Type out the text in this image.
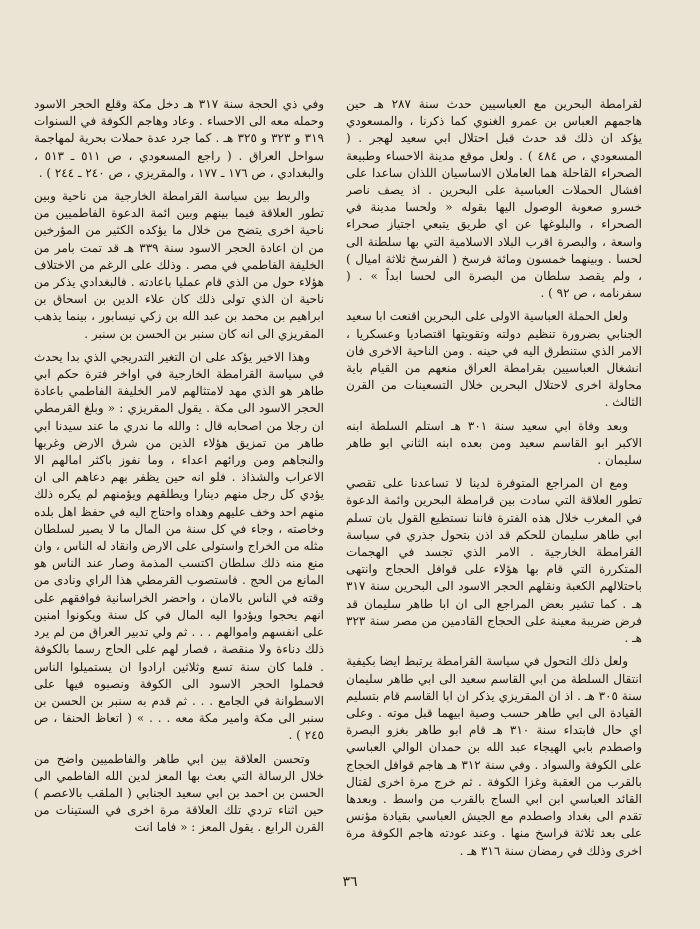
لقرامطة البحرين مع العباسيين حدث سنة ٢٨٧ هـ حين هاجمهم العباس بن عمرو الغنوي كما ذكرنا ، والمسعودي يؤكد ان ذلك قد حدث قبل احتلال ابي سعيد لهجر . ( المسعودي ، ص ٤٨٤ ) . ولعل موقع مدينة الاحساء وطبيعة الصحراء القاحلة هما العاملان الاساسيان اللذان ساعدا على افشال الحملات العباسية على البحرين . اذ يصف ناصر خسرو صعوبة الوصول اليها بقوله « ولحسا مدينة في الصحراء ، والبلوغها عن اي طريق يتبعي اجتياز صحراء واسعة ، والبصرة اقرب البلاد الاسلامية التي بها سلطنة الى لحسا . وبينهما خمسون ومائة فرسخ ( الفرسخ ثلاثة اميال ) ، ولم يقصد سلطان من البصرة الى لحسا ابداً » . ( سفرنامه ، ص ٩٢ ) .

ولعل الحملة العباسية الاولى على البحرين اقنعت ابا سعيد الجنابي بضرورة تنظيم دولته وتقويتها اقتصاديا وعسكريا ، الامر الذي ستنطرق اليه في حينه . ومن الناحية الاخرى فان انشغال العباسيين بقرامطة العراق منعهم من القيام باية محاولة اخرى لاحتلال البحرين خلال التسعينات من القرن الثالث .

وبعد وفاة ابي سعيد سنة ٣٠١ هـ استلم السلطة ابنه الاكبر ابو القاسم سعيد ومن بعده ابنه الثاني ابو طاهر سليمان .

ومع ان المراجع المتوفرة لدينا لا تساعدنا على تقصي تطور العلاقة التي سادت بين قرامطة البحرين وائمة الدعوة في المغرب خلال هذه الفترة فاننا نستطيع القول بان تسلم ابي طاهر سليمان للحكم قد اذن بتحول جذري في سياسة القرامطة الخارجية . الامر الذي تجسد في الهجمات المتكررة التي قام بها هؤلاء على قوافل الحجاج وانتهى باحتلالهم الكعبة ونقلهم الحجر الاسود الى البحرين سنة ٣١٧ هـ . كما تشير بعض المراجع الى ان ابا طاهر سليمان قد فرض ضريبة معينة على الحجاج القادمين من مصر سنة ٣٢٣ هـ .

ولعل ذلك التحول في سياسة القرامطة يرتبط ايضا بكيفية انتقال السلطة من ابي القاسم سعيد الى ابي طاهر سليمان سنة ٣٠٥ هـ . اذ ان المقريزي يذكر ان ابا القاسم قام بتسليم القيادة الى ابي طاهر حسب وصية ابيهما قبل موته . وعلى اي حال فابتداء سنة ٣١٠ هـ قام ابو طاهر بغزو البصرة واصطدم بابي الهيجاء عبد الله بن حمدان الوالي العباسي على الكوفة والسواد . وفي سنة ٣١٢ هـ هاجم قوافل الحجاج بالقرب من العقبة وغزا الكوفة . ثم خرج مرة اخرى لقتال القائد العباسي ابن ابي الساج بالقرب من واسط . وبعدها تقدم الى بغداد واصطدم مع الجيش العباسي بقيادة مؤنس على بعد ثلاثة فراسخ منها . وعند عودته هاجم الكوفة مرة اخرى وذلك في رمضان سنة ٣١٦ هـ .

وفي ذي الحجة سنة ٣١٧ هـ دخل مكة وقلع الحجر الاسود وحمله معه الى الاحساء . وعاد وهاجم الكوفة في السنوات ٣١٩ و ٣٢٣ و ٣٢٥ هـ . كما جرد عدة حملات بحرية لمهاجمة سواحل العراق . ( راجع المسعودي ، ص ٥١١ ـ ٥١٣ ، والبغدادي ، ص ١٧٦ ـ ١٧٧ ، والمقريزي ، ص ٢٤٠ ـ ٢٤٤ ) .

والربط بين سياسة القرامطة الخارجية من ناحية وبين تطور العلاقة فيما بينهم وبين ائمة الدعوة الفاطميين من ناحية اخرى يتضح من خلال ما يؤكده الكثير من المؤرخين من ان اعادة الحجر الاسود سنة ٣٣٩ هـ قد تمت بامر من الخليفة الفاطمي في مصر . وذلك على الرغم من الاختلاف هؤلاء حول من الذي قام عمليا باعادته . فالبغدادي يذكر من ناحية ان الذي تولى ذلك كان علاء الدين بن اسحاق بن ابراهيم بن محمد بن عبد الله بن زكي نيسابور ، بينما يذهب المقريزي الى انه كان سنبر بن الحسن بن سنبر .

وهذا الاخير يؤكد على ان التغير التدريجي الذي بدا يحدث في سياسة القرامطة الخارجية في اواخر فترة حكم ابي طاهر هو الذي مهد لامتثالهم لامر الخليفة الفاطمي باعادة الحجر الاسود الى مكة . يقول المقريزي : « وبلغ القرمطي ان رجلا من اصحابه قال : والله ما ندري ما عند سيدنا ابي طاهر من تمزيق هؤلاء الذين من شرق الارض وغربها والنجاهم ومن ورائهم اعداء ، وما نفوز باكثر امالهم الا الاعراب والشذاذ . فلو انه حين يظفر بهم دعاهم الى ان يؤدي كل رجل منهم دينارا ويطلقهم ويؤمنهم لم يكره ذلك منهم احد وخف عليهم وهداه واحتاج اليه في حفظ اهل بلده وخاصته ، وجاء في كل سنة من المال ما لا يصير لسلطان مثله من الخراج واستولى على الارض وانقاد له الناس ، وان منع منه ذلك سلطان اكتسب المذمة وصار عند الناس هو المانع من الحج . فاستصوب القرمطي هذا الراي ونادى من وقته في الناس بالامان ، واحضر الخراسانية فوافقهم على انهم يحجوا ويؤدوا اليه المال في كل سنة ويكونوا امنين على انفسهم واموالهم . . . ثم ولي تدبير العراق من لم يرد ذلك دناءة ولا منقصة ، فصار لهم على الحاج رسما بالكوفة . فلما كان سنة تسع وثلاثين ارادوا ان يستميلوا الناس فحملوا الحجر الاسود الى الكوفة ونصبوه فيها على الاسطوانة في الجامع . . . ثم قدم به سنبر بن الحسن بن سنبر الى مكة وامير مكة معه . . . » ( اتعاظ الحنفا ، ص ٢٤٥ ) .

وتحسن العلاقة بين ابي طاهر والفاطميين واضح من خلال الرسالة التي بعث بها المعز لدين الله الفاطمي الى الحسن بن احمد بن ابي سعيد الجنابي ( الملقب بالاعصم ) حين اثناء تردي تلك العلاقة مرة اخرى في الستينات من القرن الرابع . يقول المعز : « فاما انت

٣٦
